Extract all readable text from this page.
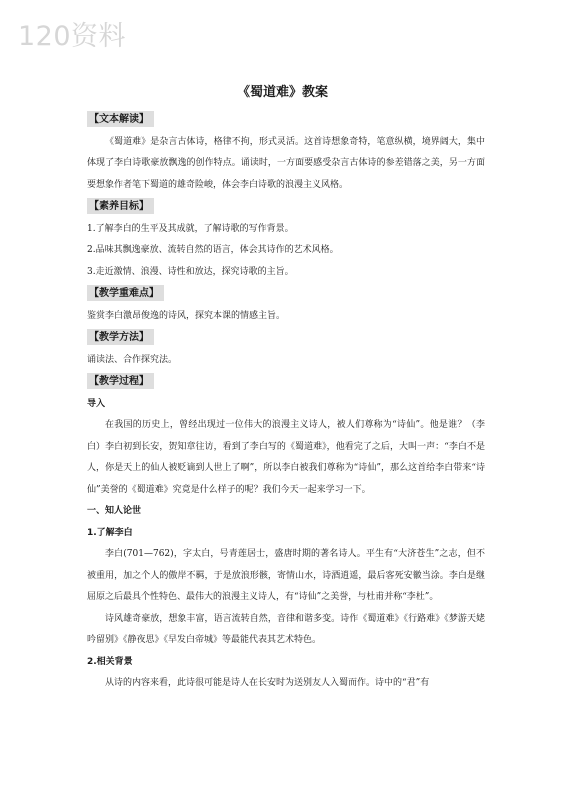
120资料
《蜀道难》教案
【文本解读】

《蜀道难》是杂言古体诗，格律不拘，形式灵活。这首诗想象奇特，笔意纵横，境界阔大，集中体现了李白诗歌豪放飘逸的创作特点。诵读时，一方面要感受杂言古体诗的参差错落之美，另一方面要想象作者笔下蜀道的雄奇险峻，体会李白诗歌的浪漫主义风格。

【素养目标】

1.了解李白的生平及其成就，了解诗歌的写作背景。

2.品味其飘逸豪放、流转自然的语言，体会其诗作的艺术风格。

3.走近激情、浪漫、诗性和放达，探究诗歌的主旨。

【教学重难点】

鉴赏李白激昂俊逸的诗风，探究本课的情感主旨。

【教学方法】

诵读法、合作探究法。

【教学过程】

导入

在我国的历史上，曾经出现过一位伟大的浪漫主义诗人，被人们尊称为“诗仙”。他是谁？（李白）李白初到长安，贺知章往访，看到了李白写的《蜀道难》，他看完了之后，大叫一声：“李白不是人，你是天上的仙人被贬谪到人世上了啊”，所以李白被我们尊称为“诗仙”，那么这首给李白带来“诗仙”美誉的《蜀道难》究竟是什么样子的呢？我们今天一起来学习一下。

一、知人论世

1.了解李白

李白(701—762)，字太白，号青莲居士，盛唐时期的著名诗人。平生有“大济苍生”之志，但不被重用，加之个人的傲岸不羁，于是放浪形骸，寄情山水，诗酒逍遥，最后客死安徽当涂。李白是继屈原之后最具个性特色、最伟大的浪漫主义诗人，有“诗仙”之美誉，与杜甫并称“李杜”。

诗风雄奇豪放，想象丰富，语言流转自然，音律和谐多变。诗作《蜀道难》《行路难》《梦游天姥吟留别》《静夜思》《早发白帝城》等最能代表其艺术特色。

2.相关背景

从诗的内容来看，此诗很可能是诗人在长安时为送别友人入蜀而作。诗中的“君”有
